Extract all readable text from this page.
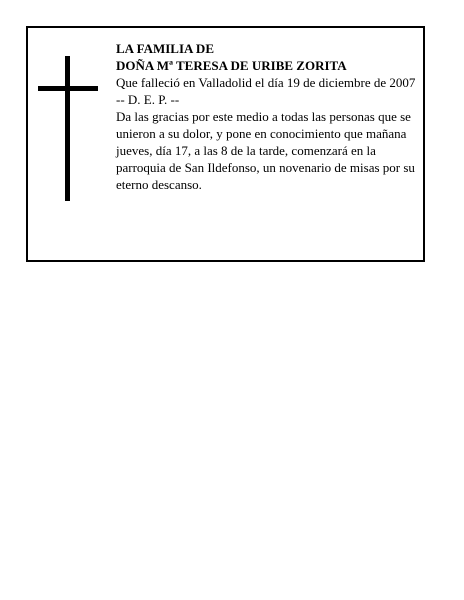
LA FAMILIA DE
DOÑA Mª TERESA DE URIBE ZORITA
Que falleció en Valladolid el día 19 de diciembre de 2007
-- D. E. P. --
Da las gracias por este medio a todas las personas que se unieron a su dolor, y pone en conocimiento que mañana jueves, día 17, a las 8 de la tarde, comenzará en la parroquia de San Ildefonso, un novenario de misas por su eterno descanso.
